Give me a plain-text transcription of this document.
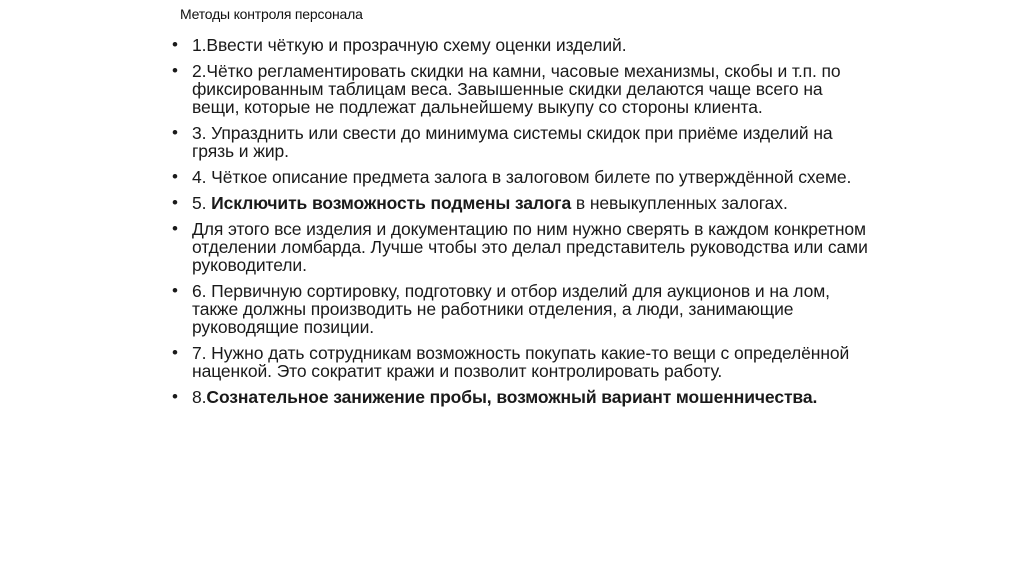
Методы контроля персонала
• 1.Ввести чёткую и прозрачную схему оценки изделий.
• 2.Чётко регламентировать скидки на камни, часовые механизмы, скобы и т.п. по фиксированным таблицам веса. Завышенные скидки делаются чаще всего на вещи, которые не подлежат дальнейшему выкупу со стороны клиента.
• 3. Упразднить или свести до минимума системы скидок при приёме изделий на грязь и жир.
• 4. Чёткое описание предмета залога в залоговом билете по утверждённой схеме.
• 5. Исключить возможность подмены залога в невыкупленных залогах.
• Для этого все изделия и документацию по ним нужно сверять в каждом конкретном отделении ломбарда. Лучше чтобы это делал представитель руководства или сами руководители.
• 6. Первичную сортировку, подготовку и отбор изделий для аукционов и на лом, также должны производить не работники отделения, а люди, занимающие руководящие позиции.
• 7. Нужно дать сотрудникам возможность покупать какие-то вещи с определённой наценкой. Это сократит кражи и позволит контролировать работу.
• 8.Сознательное занижение пробы, возможный вариант мошенничества.
